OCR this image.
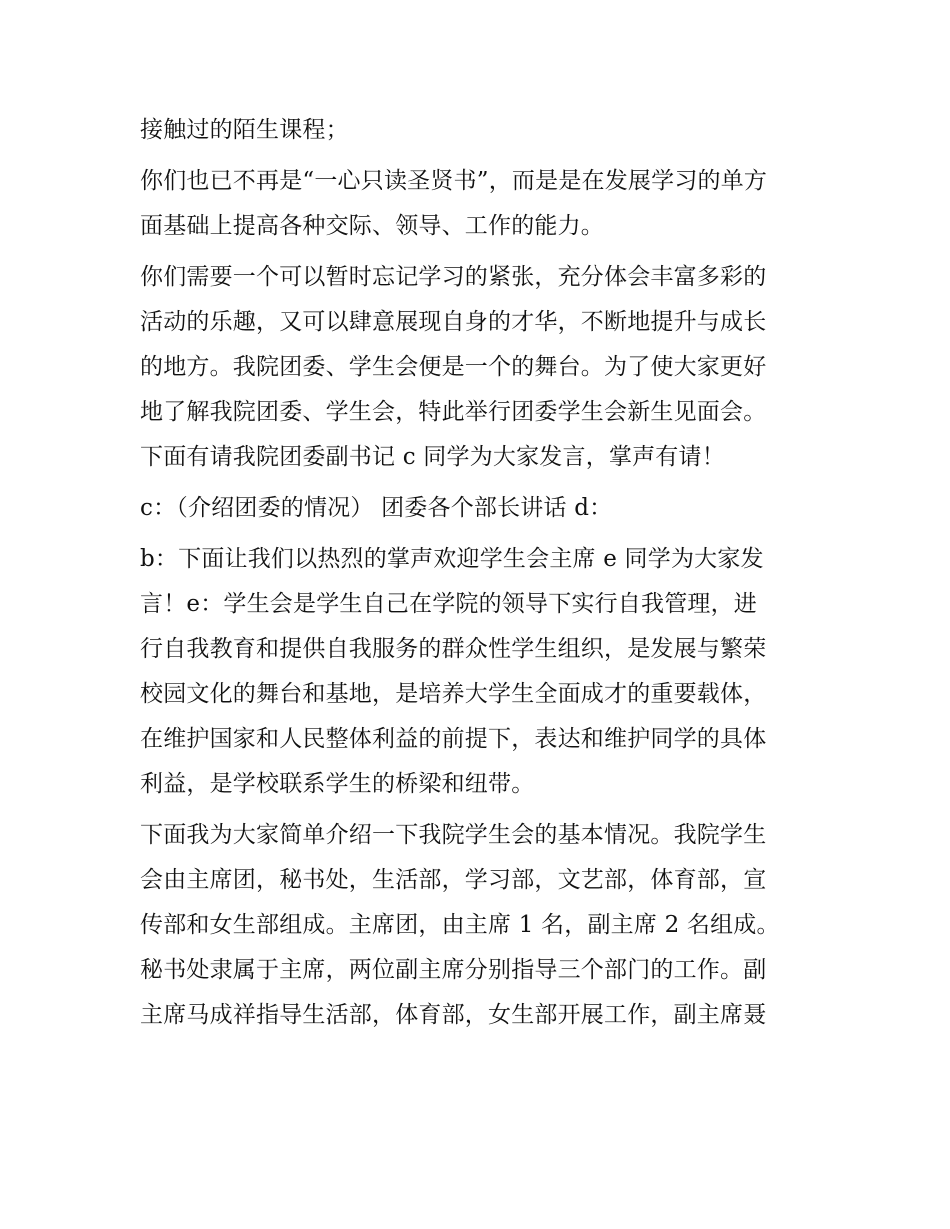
接触过的陌生课程；
你们也已不再是“一心只读圣贤书”，而是是在发展学习的单方
面基础上提高各种交际、领导、工作的能力。
你们需要一个可以暂时忘记学习的紧张，充分体会丰富多彩的
活动的乐趣，又可以肆意展现自身的才华，不断地提升与成长
的地方。我院团委、学生会便是一个的舞台。为了使大家更好
地了解我院团委、学生会，特此举行团委学生会新生见面会。
下面有请我院团委副书记 c 同学为大家发言，掌声有请！
c：（介绍团委的情况） 团委各个部长讲话 d：
b：下面让我们以热烈的掌声欢迎学生会主席 e 同学为大家发
言！e：学生会是学生自己在学院的领导下实行自我管理，进
行自我教育和提供自我服务的群众性学生组织，是发展与繁荣
校园文化的舞台和基地，是培养大学生全面成才的重要载体，
在维护国家和人民整体利益的前提下，表达和维护同学的具体
利益，是学校联系学生的桥梁和纽带。
下面我为大家简单介绍一下我院学生会的基本情况。我院学生
会由主席团，秘书处，生活部，学习部，文艺部，体育部，宣
传部和女生部组成。主席团，由主席 1 名，副主席 2 名组成。
秘书处隶属于主席，两位副主席分别指导三个部门的工作。副
主席马成祥指导生活部，体育部，女生部开展工作，副主席聂
